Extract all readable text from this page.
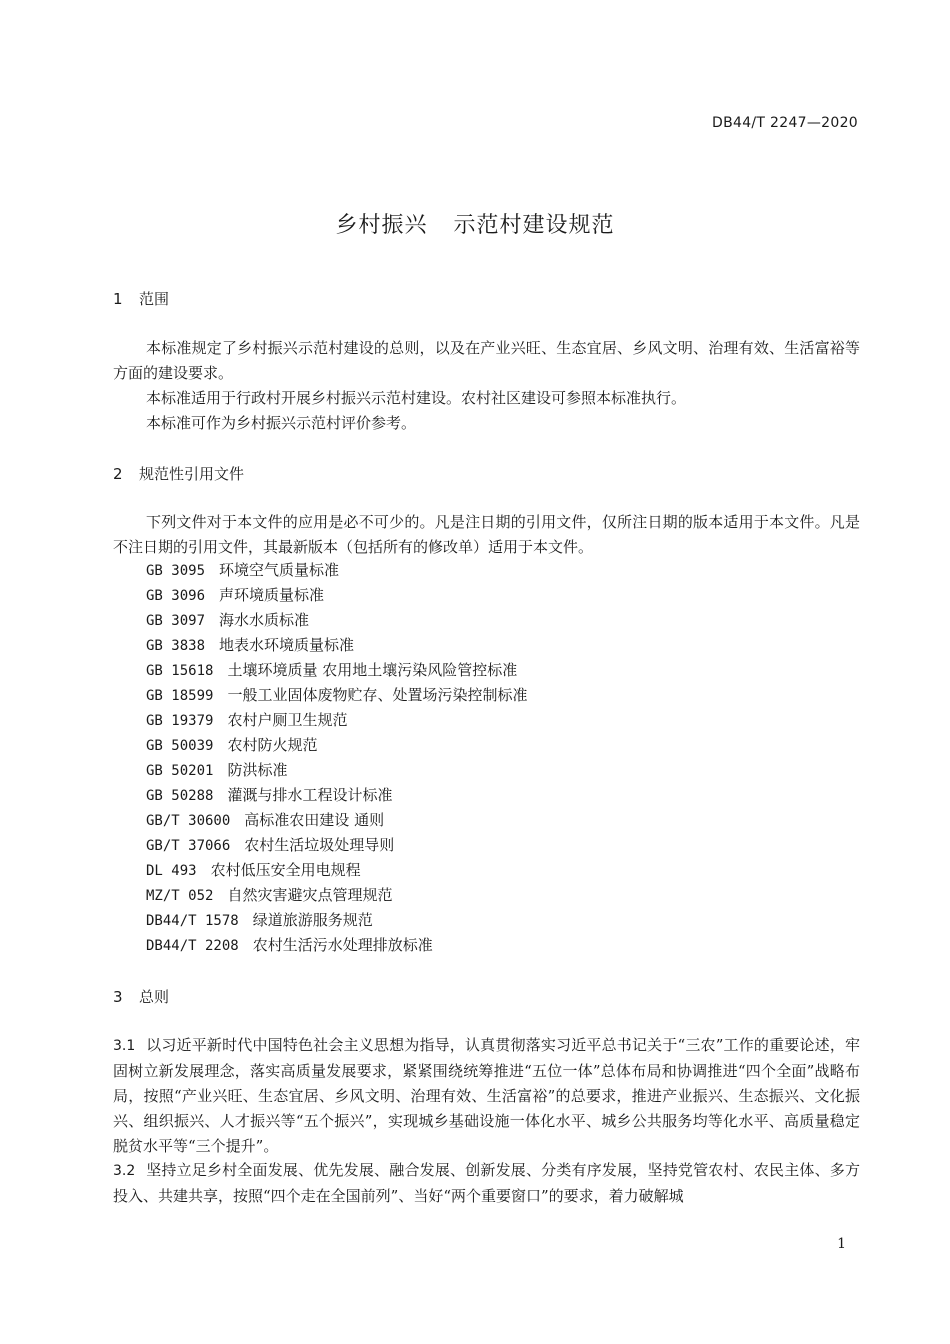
DB44/T 2247—2020
乡村振兴 示范村建设规范
1 范围

本标准规定了乡村振兴示范村建设的总则，以及在产业兴旺、生态宜居、乡风文明、治理有效、生活富裕等方面的建设要求。

本标准适用于行政村开展乡村振兴示范村建设。农村社区建设可参照本标准执行。

本标准可作为乡村振兴示范村评价参考。

2 规范性引用文件

下列文件对于本文件的应用是必不可少的。凡是注日期的引用文件，仅所注日期的版本适用于本文件。凡是不注日期的引用文件，其最新版本（包括所有的修改单）适用于本文件。

GB 3095 环境空气质量标准
GB 3096 声环境质量标准
GB 3097 海水水质标准
GB 3838 地表水环境质量标准
GB 15618 土壤环境质量 农用地土壤污染风险管控标准
GB 18599 一般工业固体废物贮存、处置场污染控制标准
GB 19379 农村户厕卫生规范
GB 50039 农村防火规范
GB 50201 防洪标准
GB 50288 灌溉与排水工程设计标准
GB/T 30600 高标准农田建设 通则
GB/T 37066 农村生活垃圾处理导则
DL 493 农村低压安全用电规程
MZ/T 052 自然灾害避灾点管理规范
DB44/T 1578 绿道旅游服务规范
DB44/T 2208 农村生活污水处理排放标准
3 总则

3.1 以习近平新时代中国特色社会主义思想为指导，认真贯彻落实习近平总书记关于“三农”工作的重要论述，牢固树立新发展理念，落实高质量发展要求，紧紧围绕统筹推进“五位一体”总体布局和协调推进“四个全面”战略布局，按照“产业兴旺、生态宜居、乡风文明、治理有效、生活富裕”的总要求，推进产业振兴、生态振兴、文化振兴、组织振兴、人才振兴等“五个振兴”，实现城乡基础设施一体化水平、城乡公共服务均等化水平、高质量稳定脱贫水平等“三个提升”。

3.2 坚持立足乡村全面发展、优先发展、融合发展、创新发展、分类有序发展，坚持党管农村、农民主体、多方投入、共建共享，按照“四个走在全国前列”、当好“两个重要窗口”的要求，着力破解城

1
